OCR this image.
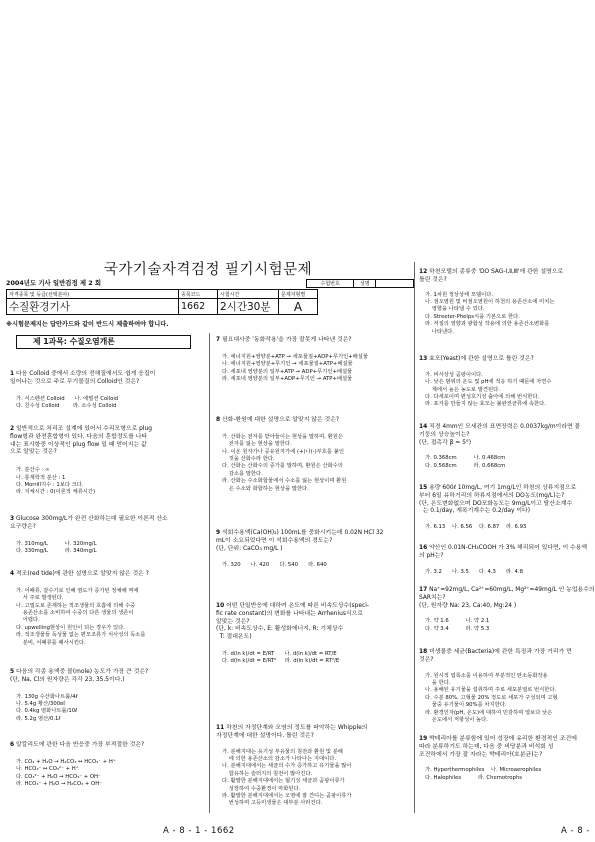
국가기술자격검정 필기시험문제
2004년도 기사 일반검정 제 2 회	수험번호	성명	
자격종목 및 등급(선택분야)	종목코드	시험시간	문제지형별	
수질환경기사	1662	2시간30분	A	
※시험문제지는 답안카드와 같이 반드시 제출하여야 합니다.
제 1과목: 수질오염개론
1 다음 Colloid 중에서 소량의 전해질에서도 쉽게 응집이
일어나는 것으로 주로 무기물질의 Colloid인 것은?
가. 서스펜션 Colloid      나. 에멀션 Colloid
다. 친수성 Colloid        라. 소수성 Colloid
2 일반적으로 처리조 설계에 있어서 수리모형으로 plug
flow형과 완전혼합형이 있다. 다음의 혼합정도를 나타
내는 표시항중 이상적인 plug flow 일 때 얻어지는 값
으로 알맞는 것은?
가. 분산수 : ∞
나. 통계학적 분산 : 1
다. Morrill지수 : 1보다 크다.
라. 지체시간 : 0(이론적 체류시간)
3 Glucose 300mg/L가 완전 산화하는데 필요한 이론적 산소
요구량은?
가. 310mg/L          나. 320mg/L
다. 330mg/L          라. 340mg/L
4 적조(red tide)에 관한 설명으로 알맞지 않은 것은 ?
가. 어패류, 갈수기로 인해 염도가 증가된 정체해 역에
서 주로 발생된다.
나. 고밀도로 존재하는 적조생물의 호흡에 의해 수중
용존산소를 소비하여 수중의 다른 생물의 생존이
어렵다.
다. upwelling현상이 원인이 되는 경우가 있다.
라. 적조생물들 독성물 없는 편모조류가 치사성의 독소를
분비, 어패류를 폐사시킨다.
5 다음의 각종 용액중 몰(mole) 농도가 가장 큰 것은?
(단, Na, Cl의 원자량은 각각 23, 35.5이다.)
가. 130g 수산화나트륨/4ℓ
나. 5.4g 황산/300㎖
다. 0.4kg 염화나트륨/10ℓ
라. 5.2g 염산/0.1ℓ
6 알칼리도에 관한 다음 반응중 가장 부적절한 것은?
가. CO₂ + H₂O → H₂CO₃ ↔ HCO₃⁻ + H⁺
나. HCO₃⁻ ↔ CO₃²⁻ + H⁺
다. CO₃²⁻ + H₂O → HCO₃⁻ + OH⁻
라. HCO₃⁻ + H₂O → H₂CO₃ + OH⁻
7 필요대사중 '동화작용'을 가장 잘못게 나타낸 것은?
가. 에너지원+영양분+ATP → 세포물질+ADP+무기인+배설물
나. 에너지원+영양분+무기인 → 세포물질+ATP+배설물
다. 세포내 영양분의 일부+ATP → ADP+무기인+배설물
라. 세포내 영양분의 일부+ADP+무기인 → ATP+배설물
8 산화-환원에 대한 설명으로 알맞지 않은 것은?
가. 산화는 전자를 받아들이는 현상을 말하며, 환원은
전자를 잃는 현상을 말한다.
나. 이온 원자가나 공유원자가에 (+)나(-)부호를 붙인
것을 산화수라 한다.
다. 산화는 산화수의 증가를 말하며, 환원은 산화수의
감소를 말한다.
라. 산화는 수소화합물에서 수소를 잃는 현상이며 환원
은 수소와 화합하는 현상을 말한다.
9 석회수용액(Ca(OH)₂) 100mL를 중화시키는데 0.02N HCl 32
mL이 소요되었다면 이 석회수용액의 경도는?
(단, 단위: CaCO₃ mg/L )
가. 320      나. 420      다. 540      라. 640
10 어떤 단일반응에 대하여 온도에 따른 비속도상수(speci-
fic rate constant)의 변화를 나타내는 Arrhenius식으로
알맞는 것은?
(단, k: 비속도상수, E: 활성화에너지, R: 기체상수
T: 절대온도)
가. d(ln k)/dt = E/RT      나. d(ln k)/dt = RT/E
다. d(ln k)/dt = E/RT²     라. d(ln k)/dt = RT²/E
11 하천의 자정단계와 오염의 정도를 파악하는 Whipple의
자정단계에 대한 설명이다. 틀린 것은?
가. 분해지대는 유기성 부유물의 침전과 환원 및 분해
에 의한 용존산소의 감소가 나타나는 지대이다.
나. 분해지대에서는 세균의 수가 증가하고 유기물을 많이
함유하는 슬러지의 침전이 많아진다.
다. 활발한 분해지대에서는 혐기성 세균과 곰팡이류가
성장하여 수중환경이 악화된다.
라. 활발한 분해지대에서는 오염에 잘 견디는 곰팡이류가
번성하며 고등미생물은 대부분 사라진다.
12 하천모델의 종류중 'DO SAG-Ⅰ,Ⅱ,Ⅲ'에 관한 설명으로
틀린 것은?
가. 1차원 정상상태 모델이다.
나. 점오염원 및 비점오염원이 하천의 용존산소에 미치는
영향을 나타낼 수 있다.
다. Streeter-Phelps식을 기본으로 한다.
라. 저질의 영향과 광합성 작용에 의한 용존산소변화를
나타낸다.
13 효모(Yeast)에 관한 설명으로 틀린 것은?
가. 비사상성 곰팡이이다.
나. 낮은 범위의 온도 및 pH에 적응 하기 때문에 자연수
계에서 높은 농도로 발견된다.
다. 다세포이며 편성호기성 출아에 의해 번식한다.
라. 포자를 만들지 않는 효모는 불완전균류에 속한다.
14 직경 4mm인 모세관의 표면장력은 0.0037kg/m이라면 물
기둥의 상승높이는?
(단, 접촉각 β = 5°)
가. 0.368cm          나. 0.468cm
다. 0.568cm          라. 0.668cm
15 용량 600ℓ 10mg/L, 여기 1mg/L인 하천의 상류지점으로
부터 6일 유하거리의 하류지점에서의 DO농도(mg/L)는?
(단, 온도변화없으며 DO포화농도는 9mg/L이고 탈산소계수
는 0.1/day, 재폭기계수는 0.2/day 이다)
가. 6.13    나. 6.56    다. 6.87    라. 6.93
16 약산인 0.01N-CH₃COOH 가 3% 해리되어 있다면, 이 수용액
의 pH는?
가. 3.2      나. 3.5      다. 4.3      라. 4.8
17 Na⁺=92mg/L, Ca²⁺=60mg/L, Mg²⁺=49mg/L 인 농업용수의
SAR치는?
(단, 원자량 Na: 23, Ca:40, Mg:24 )
가. 약 1.6          나. 약 2.1
다. 약 3.4          라. 약 5.3
18 미생물중 세균(Bacteria)에 관한 특징과 가장 거리가 먼
것은?
가. 원시적 엽록소를 이용하여 부분적인 탄소동화작용
을 한다.
나. 용해된 유기물을 섭취하며 주로 세포분열로 번식한다.
다. 수분 80%, 고형물 20% 정도로 세포가 구성되며 고형
물중 유기물이 90%를 차지한다.
라. 환경인자(pH, 온도)에 대하여 민감하며 열보다 낮은
온도에서 저항성이 높다.
19 박테리아를 분류함에 있어 성장에 유리한 환경적인 조건에
따라 분류하기도 하는데, 다음 중 비당분과 비석회 성
조건하에서 가장 잘 자라는 박테리아(호분균)는?
가. Hyperthermophiles    나. Microaerophiles
다. Halophiles          라. Chemotrophs
A - 8 - 1 - 1662	A - 8 -
